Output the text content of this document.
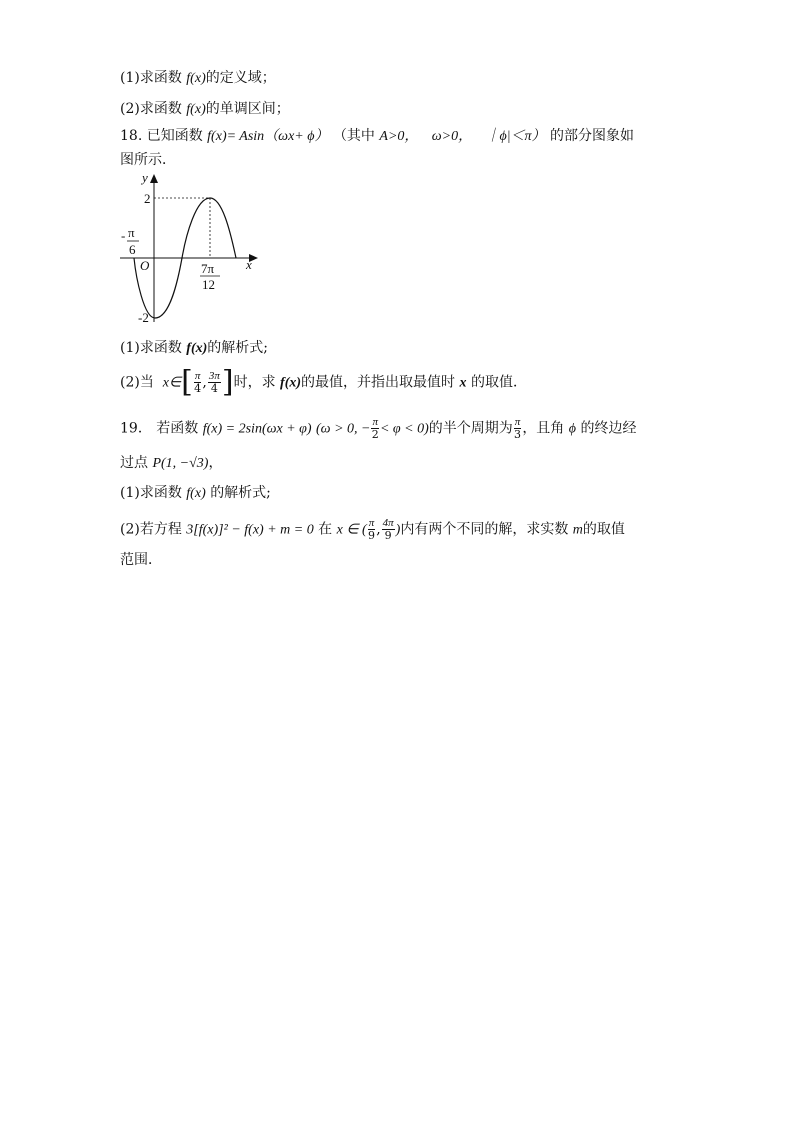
(1)求函数 f(x)的定义域；
(2)求函数 f(x)的单调区间；
18. 已知函数 f(x)= Asin（ωx+ ϕ） （其中 A>0， ω>0， ｜ϕ|＜π） 的部分图象如
图所示．
y
x
O
2
-2
- π
6
7π
12
(1)求函数 f(x)的解析式;
(2)当 x∈[ $\frac{\pi}{4}$ , $\frac{3\pi}{4}$ ]时，求 f(x)的最值，并指出取最值时 x 的取值．
19． 若函数 f(x) = 2sin(ωx + φ) (ω > 0, − $\frac{\pi}{2} < \varphi < 0$)的半个周期为 $\frac{\pi}{3}$ ，且角 ϕ 的终边经
过点 P(1, −√3)，
(1)求函数 f(x) 的解析式;
(2)若方程 3[f(x)]² − f(x) + m = 0 在 x ∈ ( $\frac{\pi}{9}$ , $\frac{4\pi}{9}$ )内有两个不同的解，求实数 m的取值
范围．
